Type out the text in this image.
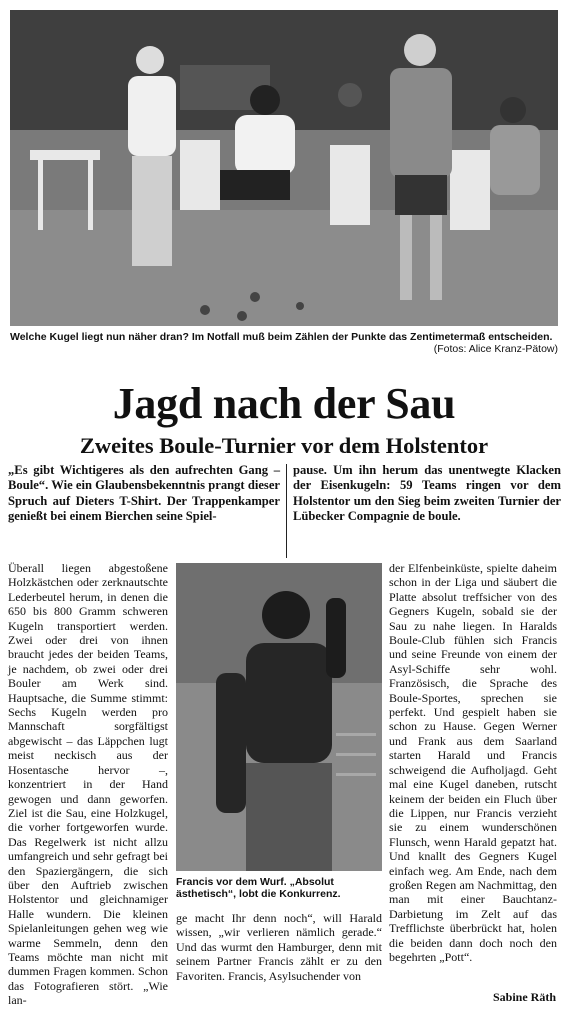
Welche Kugel liegt nun näher dran? Im Notfall muß beim Zählen der Punkte das Zentimetermaß entscheiden.
(Fotos: Alice Kranz-Pätow)
Jagd nach der Sau
Zweites Boule-Turnier vor dem Holstentor
„Es gibt Wichtigeres als den aufrechten Gang – Boule“. Wie ein Glaubensbekenntnis prangt dieser Spruch auf Dieters T-Shirt. Der Trappenkamper genießt bei einem Bierchen seine Spiel-
pause. Um ihn herum das unentwegte Klacken der Eisenkugeln: 59 Teams ringen vor dem Holstentor um den Sieg beim zweiten Turnier der Lübecker Compagnie de boule.
Überall liegen abgestoßene Holzkästchen oder zerknautschte Lederbeutel herum, in denen die 650 bis 800 Gramm schweren Kugeln transportiert werden. Zwei oder drei von ihnen braucht jedes der beiden Teams, je nachdem, ob zwei oder drei Bouler am Werk sind. Hauptsache, die Summe stimmt: Sechs Kugeln werden pro Mannschaft sorgfältigst abgewischt – das Läppchen lugt meist neckisch aus der Hosentasche hervor –, konzentriert in der Hand gewogen und dann geworfen. Ziel ist die Sau, eine Holzkugel, die vorher fortgeworfen wurde. Das Regelwerk ist nicht allzu umfangreich und sehr gefragt bei den Spaziergängern, die sich über den Auftrieb zwischen Holstentor und gleichnamiger Halle wundern. Die kleinen Spielanleitungen gehen weg wie warme Semmeln, denn den Teams möchte man nicht mit dummen Fragen kommen. Schon das Fotografieren stört. „Wie lan-
Francis vor dem Wurf. „Absolut ästhetisch“, lobt die Konkurrenz.
ge macht Ihr denn noch“, will Harald wissen, „wir verlieren nämlich gerade.“ Und das wurmt den Hamburger, denn mit seinem Partner Francis zählt er zu den Favoriten. Francis, Asylsuchender von
der Elfenbeinküste, spielte daheim schon in der Liga und säubert die Platte absolut treffsicher von des Gegners Kugeln, sobald sie der Sau zu nahe liegen. In Haralds Boule-Club fühlen sich Francis und seine Freunde von einem der Asyl-Schiffe sehr wohl. Französisch, die Sprache des Boule-Sportes, sprechen sie perfekt. Und gespielt haben sie schon zu Hause. Gegen Werner und Frank aus dem Saarland starten Harald und Francis schweigend die Aufholjagd. Geht mal eine Kugel daneben, rutscht keinem der beiden ein Fluch über die Lippen, nur Francis verzieht sie zu einem wunderschönen Flunsch, wenn Harald gepatzt hat. Und knallt des Gegners Kugel einfach weg. Am Ende, nach dem großen Regen am Nachmittag, den man mit einer Bauchtanz-Darbietung im Zelt auf das Trefflichste überbrückt hat, holen die beiden dann doch noch den begehrten „Pott“.
Sabine Räth
